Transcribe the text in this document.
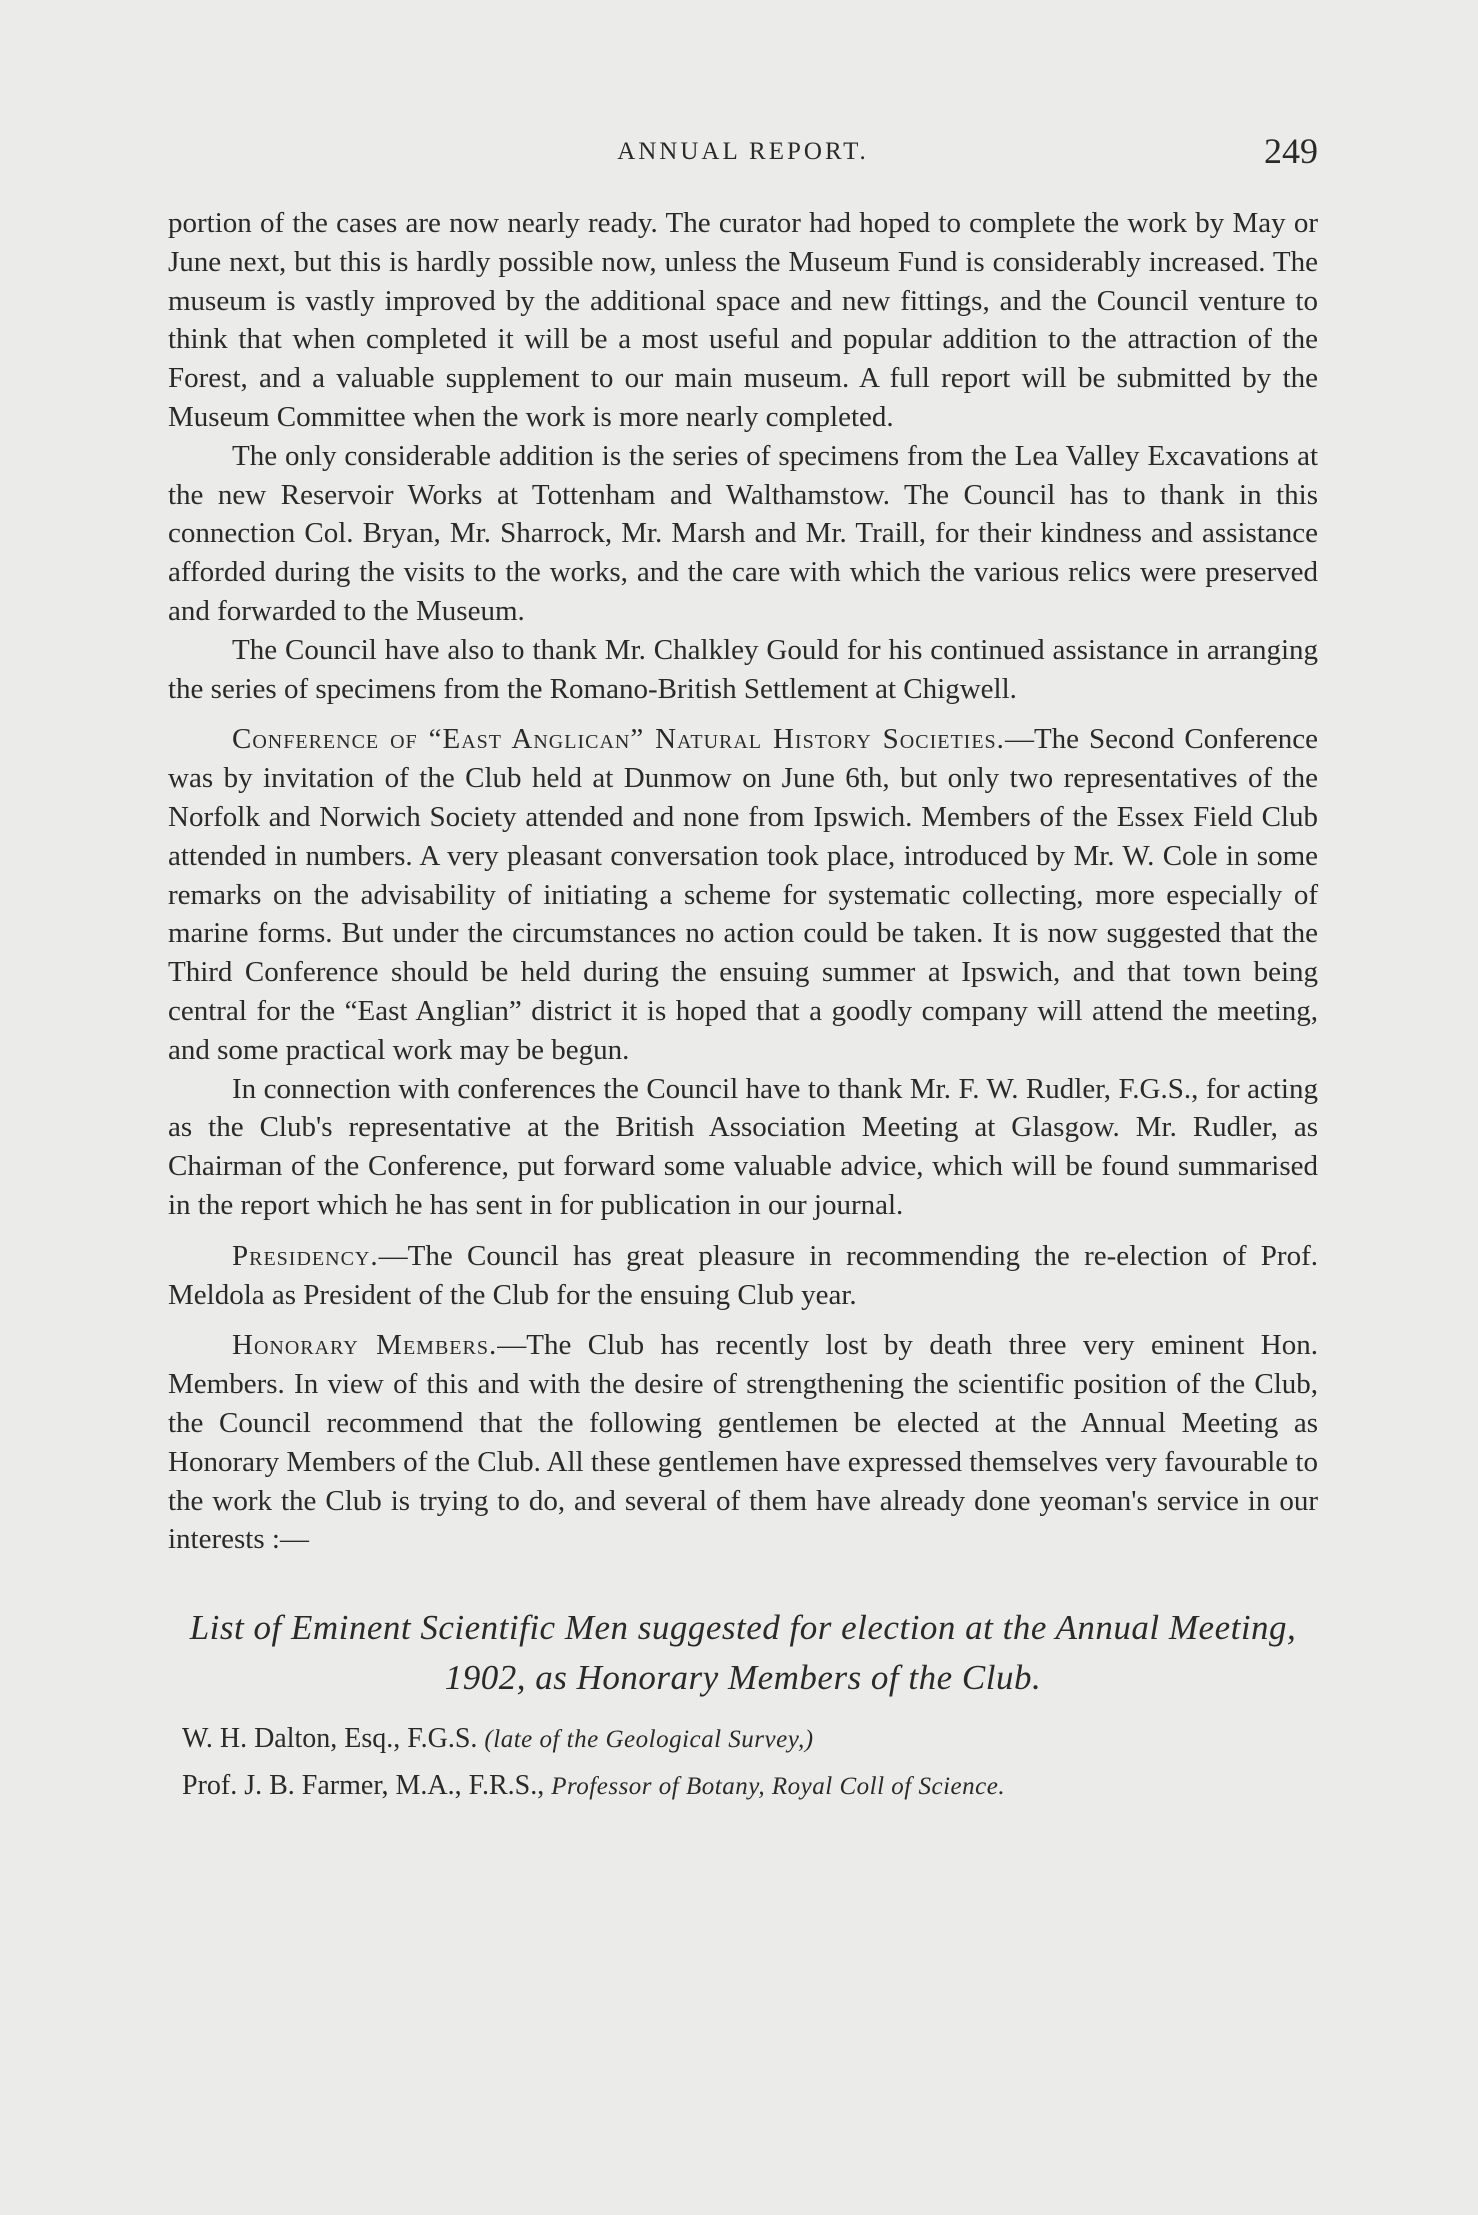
ANNUAL REPORT.	249

portion of the cases are now nearly ready. The curator had hoped to complete the work by May or June next, but this is hardly possible now, unless the Museum Fund is considerably increased. The museum is vastly improved by the additional space and new fittings, and the Council venture to think that when completed it will be a most useful and popular addition to the attraction of the Forest, and a valuable supplement to our main museum. A full report will be submitted by the Museum Committee when the work is more nearly completed.

The only considerable addition is the series of specimens from the Lea Valley Excavations at the new Reservoir Works at Tottenham and Walthamstow. The Council has to thank in this connection Col. Bryan, Mr. Sharrock, Mr. Marsh and Mr. Traill, for their kindness and assistance afforded during the visits to the works, and the care with which the various relics were preserved and forwarded to the Museum.

The Council have also to thank Mr. Chalkley Gould for his continued assistance in arranging the series of specimens from the Romano-British Settlement at Chigwell.

Conference of “East Anglican” Natural History Societies.—The Second Conference was by invitation of the Club held at Dunmow on June 6th, but only two representatives of the Norfolk and Norwich Society attended and none from Ipswich. Members of the Essex Field Club attended in numbers. A very pleasant conversation took place, introduced by Mr. W. Cole in some remarks on the advisability of initiating a scheme for systematic collecting, more especially of marine forms. But under the circumstances no action could be taken. It is now suggested that the Third Conference should be held during the ensuing summer at Ipswich, and that town being central for the “East Anglian” district it is hoped that a goodly company will attend the meeting, and some practical work may be begun.

In connection with conferences the Council have to thank Mr. F. W. Rudler, F.G.S., for acting as the Club's representative at the British Association Meeting at Glasgow. Mr. Rudler, as Chairman of the Conference, put forward some valuable advice, which will be found summarised in the report which he has sent in for publication in our journal.

Presidency.—The Council has great pleasure in recommending the re-election of Prof. Meldola as President of the Club for the ensuing Club year.

Honorary Members.—The Club has recently lost by death three very eminent Hon. Members. In view of this and with the desire of strengthening the scientific position of the Club, the Council recommend that the following gentlemen be elected at the Annual Meeting as Honorary Members of the Club. All these gentlemen have expressed themselves very favourable to the work the Club is trying to do, and several of them have already done yeoman's service in our interests :—

List of Eminent Scientific Men suggested for election at the Annual Meeting, 1902, as Honorary Members of the Club.
W. H. Dalton, Esq., F.G.S. (late of the Geological Survey,)
Prof. J. B. Farmer, M.A., F.R.S., Professor of Botany, Royal Coll of Science.
